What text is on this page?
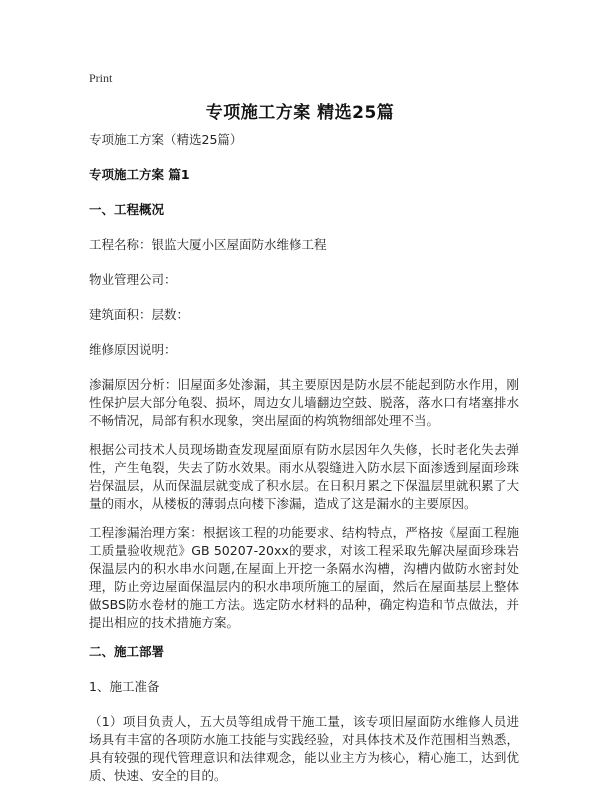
Print
专项施工方案 精选25篇

专项施工方案（精选25篇）

专项施工方案 篇1

一、工程概况

工程名称：银监大厦小区屋面防水维修工程

物业管理公司：

建筑面积：层数：

维修原因说明：

渗漏原因分析：旧屋面多处渗漏，其主要原因是防水层不能起到防水作用，刚性保护层大部分龟裂、损坏，周边女儿墙翻边空鼓、脱落，落水口有堵塞排水不畅情况，局部有积水现象，突出屋面的构筑物细部处理不当。

根据公司技术人员现场勘查发现屋面原有防水层因年久失修，长时老化失去弹性，产生龟裂，失去了防水效果。雨水从裂缝进入防水层下面渗透到屋面珍珠岩保温层，从而保温层就变成了积水层。在日积月累之下保温层里就积累了大量的雨水，从楼板的薄弱点向楼下渗漏，造成了这是漏水的主要原因。

工程渗漏治理方案：根据该工程的功能要求、结构特点，严格按《屋面工程施工质量验收规范》GB 50207-20xx的要求，对该工程采取先解决屋面珍珠岩保温层内的积水串水问题,在屋面上开挖一条隔水沟槽，沟槽内做防水密封处理，防止旁边屋面保温层内的积水串项所施工的屋面，然后在屋面基层上整体做SBS防水卷材的施工方法。选定防水材料的品种，确定构造和节点做法，并提出相应的技术措施方案。

二、施工部署

1、施工准备

（1）项目负责人，五大员等组成骨干施工量，该专项旧屋面防水维修人员进场具有丰富的各项防水施工技能与实践经验，对具体技术及作范围相当熟悉，具有较强的现代管理意识和法律观念，能以业主方为核心，精心施工，达到优质、快速、安全的目的。
